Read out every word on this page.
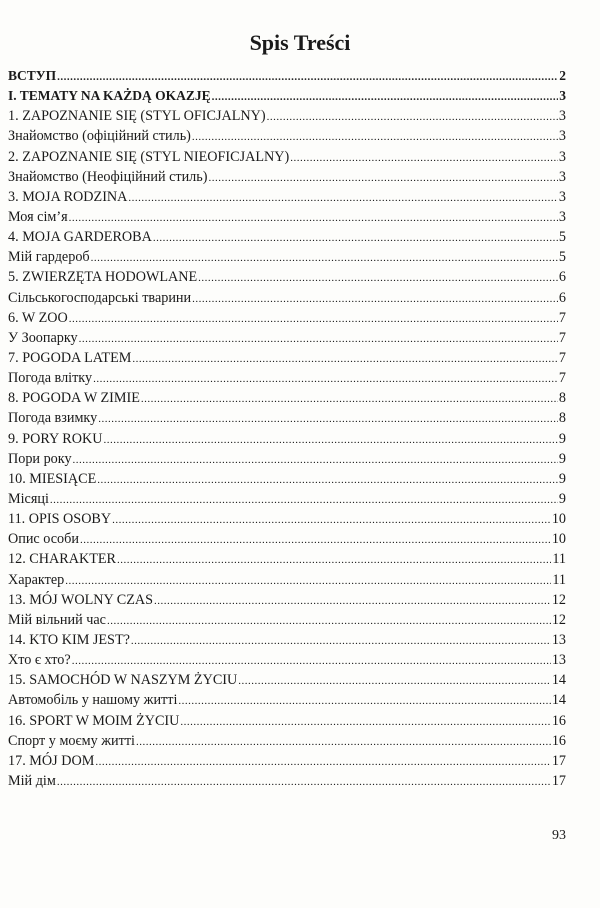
Spis Treści
ВСТУП .....	2
I. TEMATY NA KAŻDĄ OKAZJĘ .....	3
1. ZAPOZNANIE SIĘ (STYL OFICJALNY) .....	3
Знайомство (офіційний стиль) .....	3
2. ZAPOZNANIE SIĘ (STYL NIEOFICJALNY) .....	3
Знайомство (Неофіційний стиль) .....	3
3. MOJA RODZINA .....	3
Моя сім’я .....	3
4. MOJA GARDEROBA .....	5
Мій гардероб .....	5
5. ZWIERZĘTA HODOWLANE .....	6
Сільськогосподарські тварини .....	6
6. W ZOO .....	7
У Зоопарку .....	7
7. POGODA LATEM .....	7
Погода влітку .....	7
8. POGODA W ZIMIE .....	8
Погода взимку .....	8
9. PORY ROKU .....	9
Пори року .....	9
10. MIESIĄCE .....	9
Місяці .....	9
11. OPIS OSOBY .....	10
Опис особи .....	10
12. CHARAKTER .....	11
Характер .....	11
13. MÓJ WOLNY CZAS .....	12
Мій вільний час .....	12
14. KTO KIM JEST? .....	13
Хто є хто? .....	13
15. SAMOCHÓD W NASZYM ŻYCIU .....	14
Автомобіль у нашому житті .....	14
16. SPORT W MOIM ŻYCIU .....	16
Спорт у моєму житті .....	16
17. MÓJ DOM .....	17
Мій дім .....	17
93
